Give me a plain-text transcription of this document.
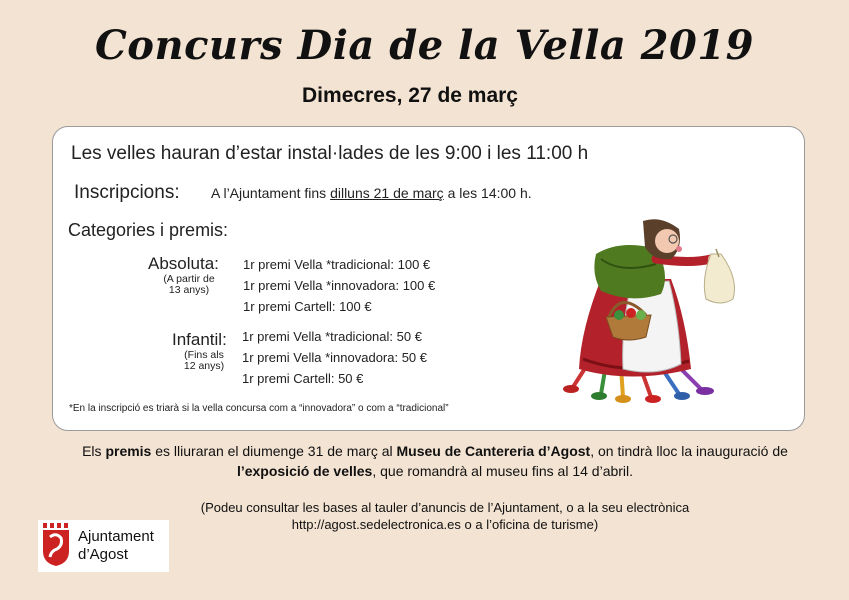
Concurs Dia de la Vella 2019
Dimecres, 27 de març
Les velles hauran d’estar instal·lades de les 9:00 i les 11:00 h
Inscripcions: A l’Ajuntament fins dilluns 21 de març a les 14:00 h.
Categories i premis:
Absoluta:
(A partir de
13 anys)
1r premi Vella *tradicional: 100 €
1r premi Vella *innovadora: 100 €
1r premi Cartell: 100 €
Infantil:
(Fins als
12 anys)
1r premi Vella *tradicional: 50 €
1r premi Vella *innovadora: 50 €
1r premi Cartell: 50 €
*En la inscripció es triarà si la vella concursa com a “innovadora” o com a “tradicional”
Els premis es lliuraran el diumenge 31 de març al Museu de Cantereria d’Agost, on tindrà lloc la inauguració de l’exposició de velles, que romandrà al museu fins al 14 d’abril.
(Podeu consultar les bases al tauler d’anuncis de l’Ajuntament, o a la seu electrònica
http://agost.sedelectronica.es o a l’oficina de turisme)
Ajuntament
d’Agost
